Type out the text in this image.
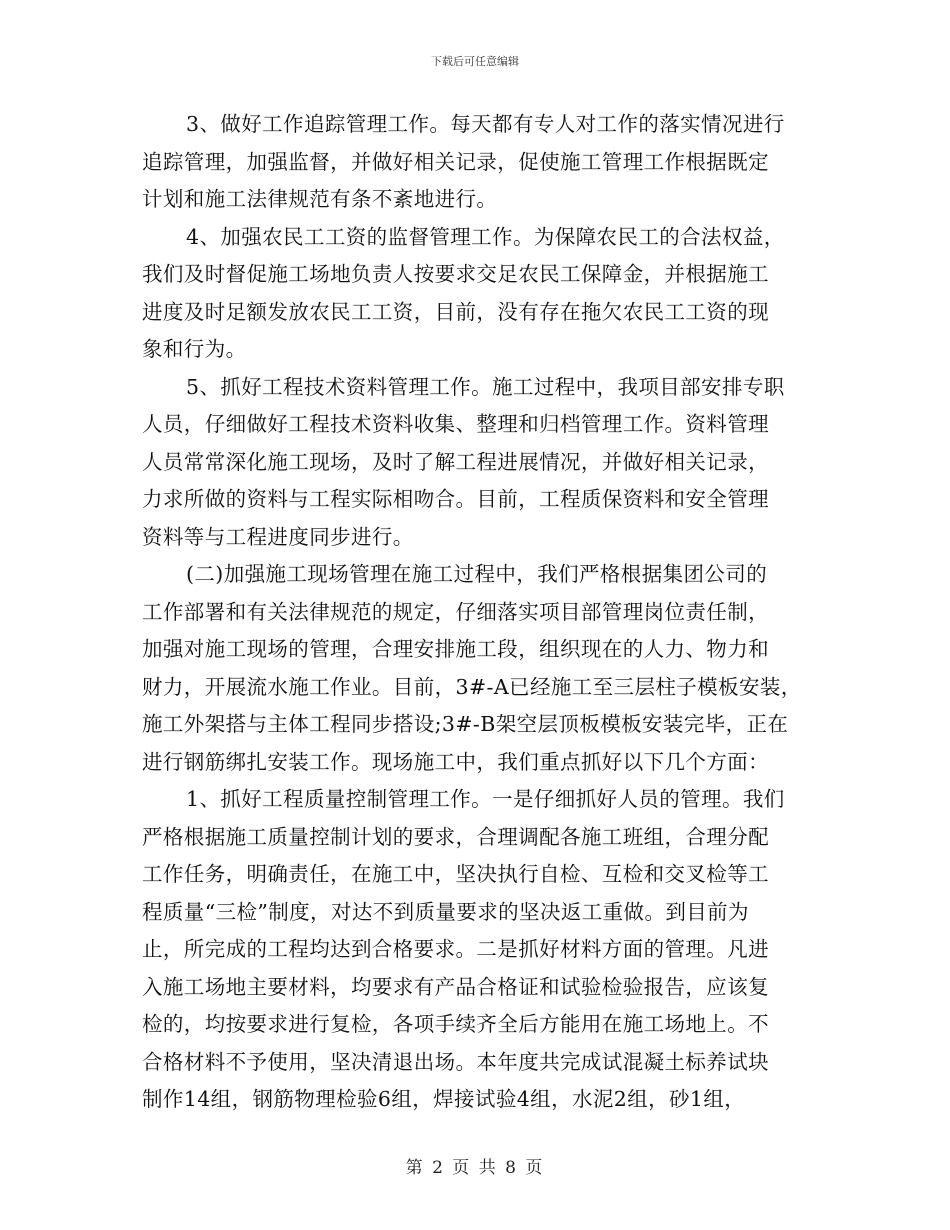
下载后可任意编辑

3、做好工作追踪管理工作。每天都有专人对工作的落实情况进行
追踪管理，加强监督，并做好相关记录，促使施工管理工作根据既定
计划和施工法律规范有条不紊地进行。

4、加强农民工工资的监督管理工作。为保障农民工的合法权益，
我们及时督促施工场地负责人按要求交足农民工保障金，并根据施工
进度及时足额发放农民工工资，目前，没有存在拖欠农民工工资的现
象和行为。

5、抓好工程技术资料管理工作。施工过程中，我项目部安排专职
人员，仔细做好工程技术资料收集、整理和归档管理工作。资料管理
人员常常深化施工现场，及时了解工程进展情况，并做好相关记录，
力求所做的资料与工程实际相吻合。目前，工程质保资料和安全管理
资料等与工程进度同步进行。

(二)加强施工现场管理在施工过程中，我们严格根据集团公司的
工作部署和有关法律规范的规定，仔细落实项目部管理岗位责任制，
加强对施工现场的管理，合理安排施工段，组织现在的人力、物力和
财力，开展流水施工作业。目前，3#-A已经施工至三层柱子模板安装，
施工外架搭与主体工程同步搭设;3#-B架空层顶板模板安装完毕，正在
进行钢筋绑扎安装工作。现场施工中，我们重点抓好以下几个方面：

1、抓好工程质量控制管理工作。一是仔细抓好人员的管理。我们
严格根据施工质量控制计划的要求，合理调配各施工班组，合理分配
工作任务，明确责任，在施工中，坚决执行自检、互检和交叉检等工
程质量“三检”制度，对达不到质量要求的坚决返工重做。到目前为
止，所完成的工程均达到合格要求。二是抓好材料方面的管理。凡进
入施工场地主要材料，均要求有产品合格证和试验检验报告，应该复
检的，均按要求进行复检，各项手续齐全后方能用在施工场地上。不
合格材料不予使用，坚决清退出场。本年度共完成试混凝土标养试块
制作14组，钢筋物理检验6组，焊接试验4组，水泥2组，砂1组，

第 2 页 共 8 页
